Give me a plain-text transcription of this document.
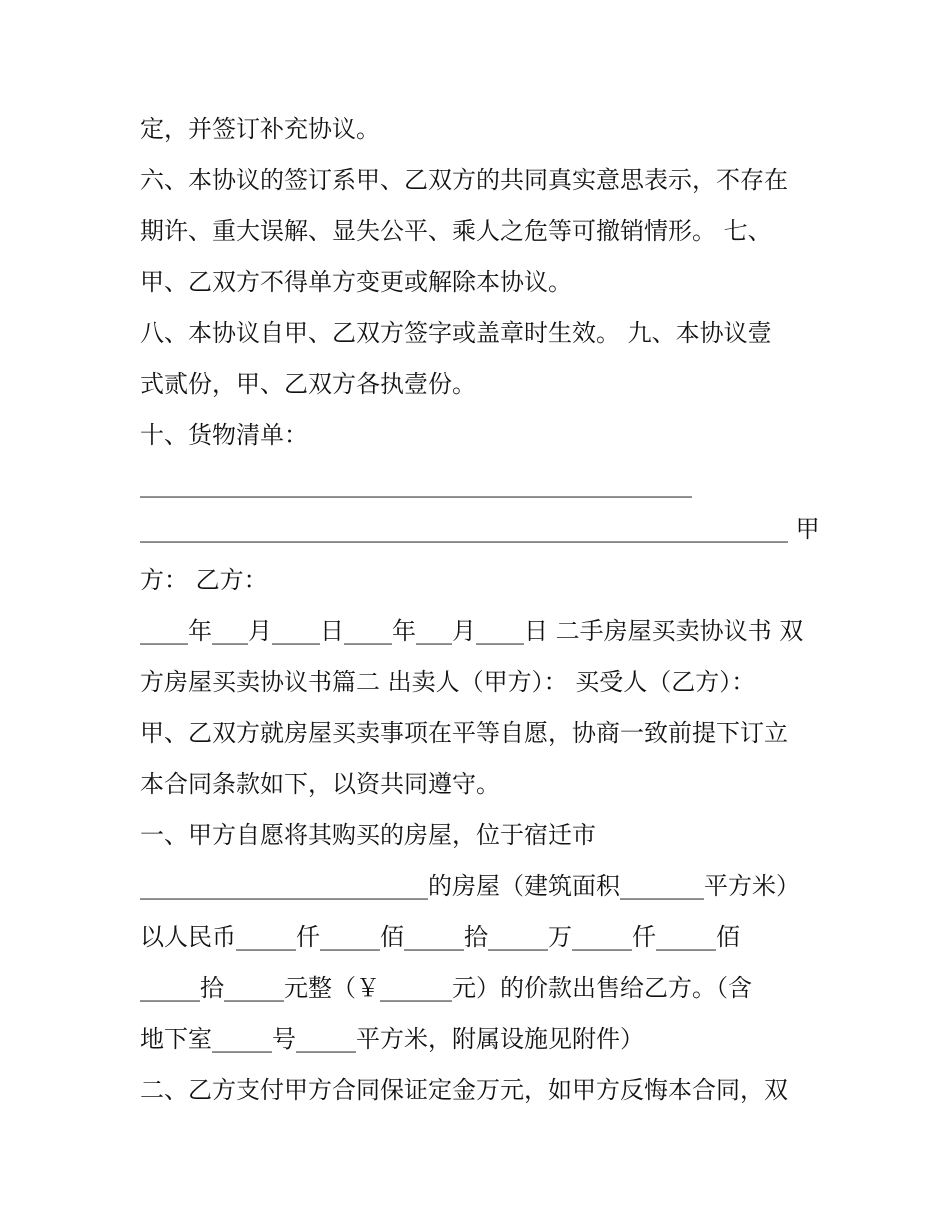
定，并签订补充协议。

六、本协议的签订系甲、乙双方的共同真实意思表示，不存在

期许、重大误解、显失公平、乘人之危等可撤销情形。 七、

甲、乙双方不得单方变更或解除本协议。

八、本协议自甲、乙双方签字或盖章时生效。 九、本协议壹

式贰份，甲、乙双方各执壹份。

十、货物清单：

______________________________________________

______________________________________________________ 甲

方： 乙方：

____年___月____日____年___月____日 二手房屋买卖协议书 双

方房屋买卖协议书篇二 出卖人（甲方）： 买受人（乙方）：

甲、乙双方就房屋买卖事项在平等自愿，协商一致前提下订立

本合同条款如下，以资共同遵守。

一、甲方自愿将其购买的房屋，位于宿迁市

________________________的房屋（建筑面积_______平方米）

以人民币_____仟_____佰_____拾_____万_____仟_____佰

_____拾_____元整（￥______元）的价款出售给乙方。（含

地下室_____号_____平方米，附属设施见附件）

二、乙方支付甲方合同保证定金万元，如甲方反悔本合同，双
